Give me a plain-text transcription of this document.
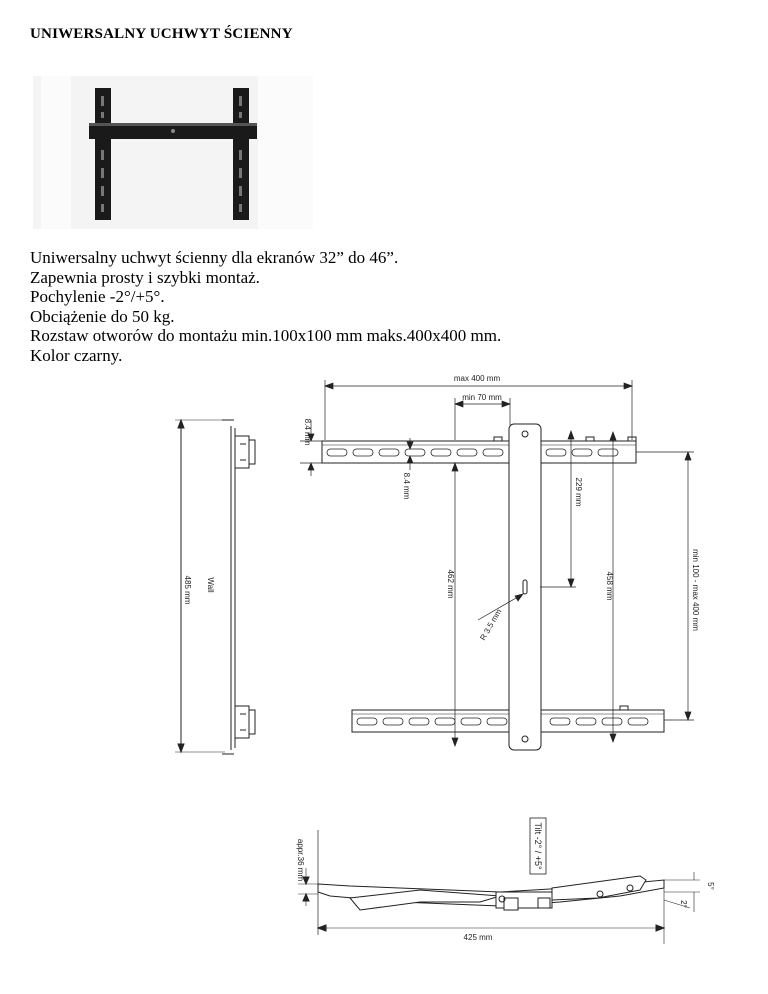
UNIWERSALNY UCHWYT ŚCIENNY
Uniwersalny uchwyt ścienny dla ekranów 32” do 46”.
Zapewnia prosty i szybki montaż.
Pochylenie -2°/+5°.
Obciążenie do 50 kg.
Rozstaw otworów do montażu min.100x100 mm maks.400x400 mm.
Kolor czarny.
max 400 mm
min 70 mm
8.4 mm
8.4 mm	229 mm
462 mm	458 mm
R 3.5 mm	min 100 - max 400 mm
Wall
485 mm
Tilt -2° / +5°
appr.36 mm
425 mm
5°
2°
